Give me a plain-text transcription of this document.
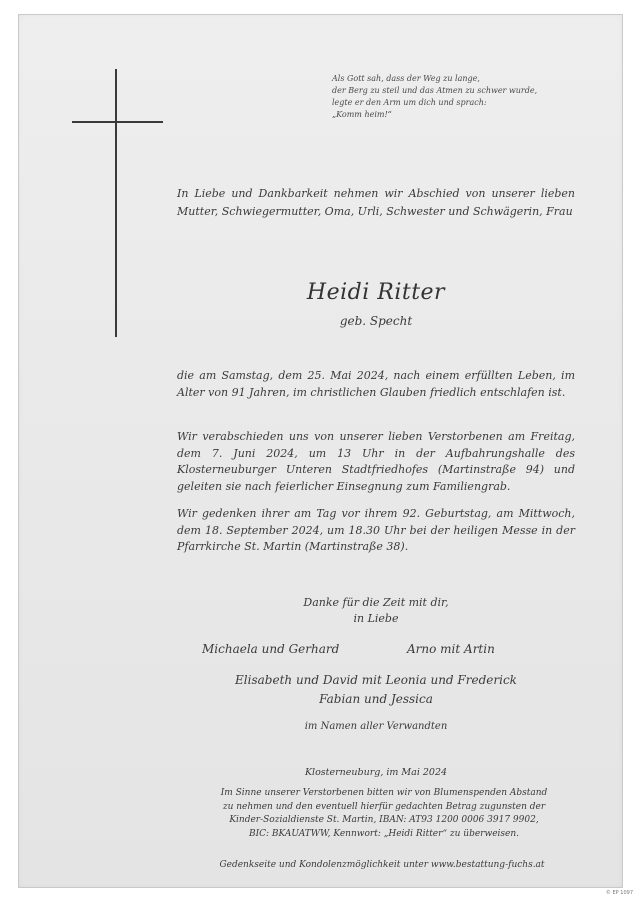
Als Gott sah, dass der Weg zu lange,
der Berg zu steil und das Atmen zu schwer wurde,
legte er den Arm um dich und sprach:
„Komm heim!“
In Liebe und Dankbarkeit nehmen wir Abschied von unserer lieben Mutter, Schwiegermutter, Oma, Urli, Schwester und Schwägerin, Frau
Heidi Ritter
geb. Specht
die am Samstag, dem 25. Mai 2024, nach einem erfüllten Leben, im Alter von 91 Jahren, im christlichen Glauben friedlich entschlafen ist.
Wir verabschieden uns von unserer lieben Verstorbenen am Freitag, dem 7. Juni 2024, um 13 Uhr in der Aufbahrungshalle des Klosterneuburger Unteren Stadtfriedhofes (Martinstraße 94) und geleiten sie nach feierlicher Einsegnung zum Familiengrab.
Wir gedenken ihrer am Tag vor ihrem 92. Geburtstag, am Mittwoch, dem 18. September 2024, um 18.30 Uhr bei der heiligen Messe in der Pfarrkirche St. Martin (Martinstraße 38).
Danke für die Zeit mit dir,
in Liebe
Michaela und Gerhard	Arno mit Artin
Elisabeth und David mit Leonia und Frederick
Fabian und Jessica
im Namen aller Verwandten
Klosterneuburg, im Mai 2024
Im Sinne unserer Verstorbenen bitten wir von Blumenspenden Abstand
zu nehmen und den eventuell hierfür gedachten Betrag zugunsten der
Kinder-Sozialdienste St. Martin, IBAN: AT93 1200 0006 3917 9902,
BIC: BKAUATWW, Kennwort: „Heidi Ritter“ zu überweisen.
Gedenkseite und Kondolenzmöglichkeit unter www.bestattung-fuchs.at
© EP 1097
